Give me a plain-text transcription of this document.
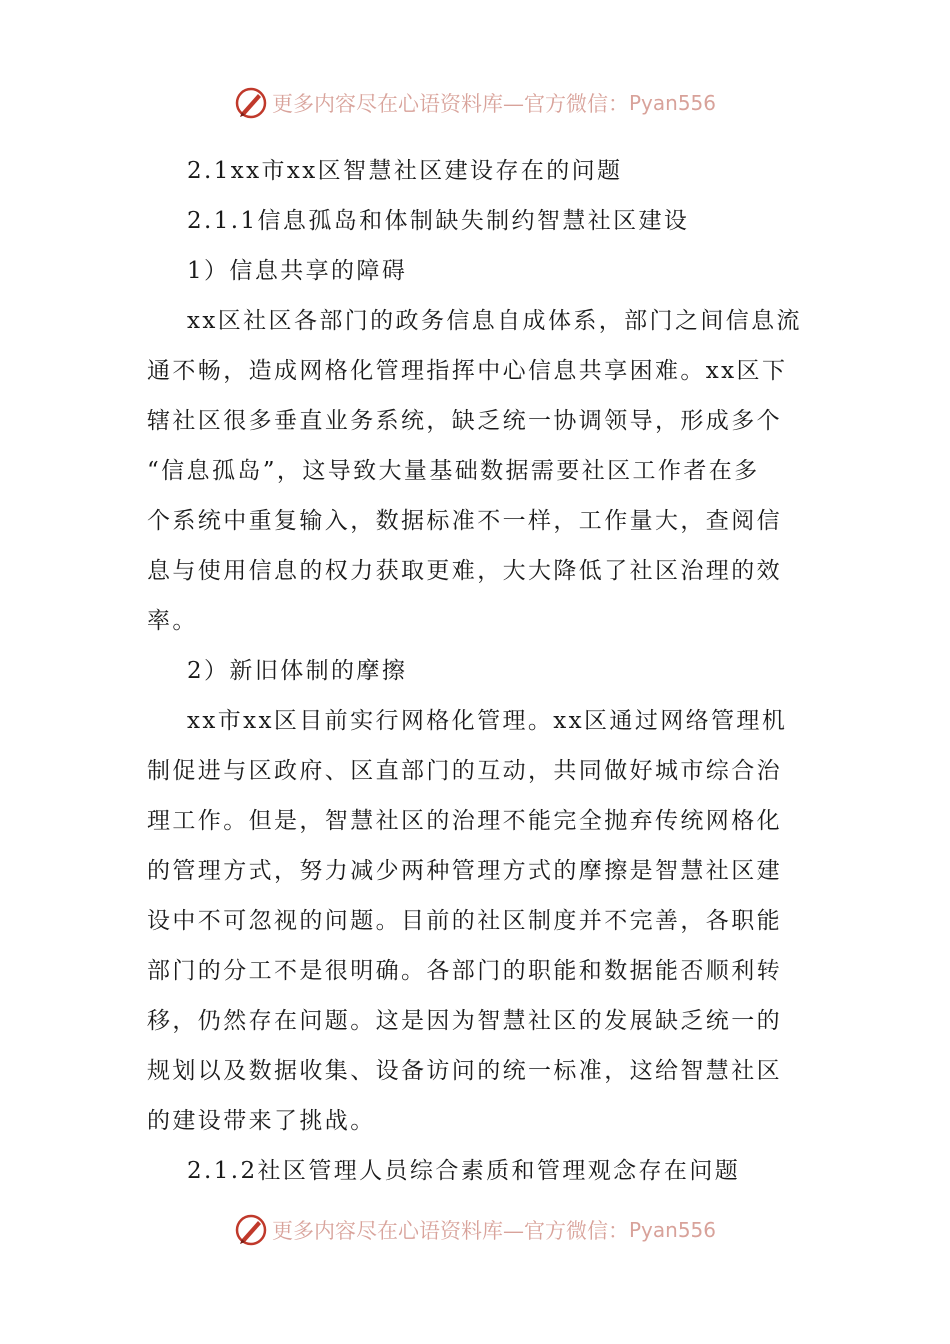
更多内容尽在心语资料库—官方微信： Pyan556
2.1xx市xx区智慧社区建设存在的问题
2.1.1信息孤岛和体制缺失制约智慧社区建设
1）信息共享的障碍
xx区社区各部门的政务信息自成体系，部门之间信息流
通不畅，造成网格化管理指挥中心信息共享困难。xx区下
辖社区很多垂直业务系统，缺乏统一协调领导，形成多个
“信息孤岛”，这导致大量基础数据需要社区工作者在多
个系统中重复输入，数据标准不一样，工作量大，查阅信
息与使用信息的权力获取更难，大大降低了社区治理的效
率。
2）新旧体制的摩擦
xx市xx区目前实行网格化管理。xx区通过网络管理机
制促进与区政府、区直部门的互动，共同做好城市综合治
理工作。但是，智慧社区的治理不能完全抛弃传统网格化
的管理方式，努力减少两种管理方式的摩擦是智慧社区建
设中不可忽视的问题。目前的社区制度并不完善，各职能
部门的分工不是很明确。各部门的职能和数据能否顺利转
移，仍然存在问题。这是因为智慧社区的发展缺乏统一的
规划以及数据收集、设备访问的统一标准，这给智慧社区
的建设带来了挑战。
2.1.2社区管理人员综合素质和管理观念存在问题
更多内容尽在心语资料库—官方微信： Pyan556
